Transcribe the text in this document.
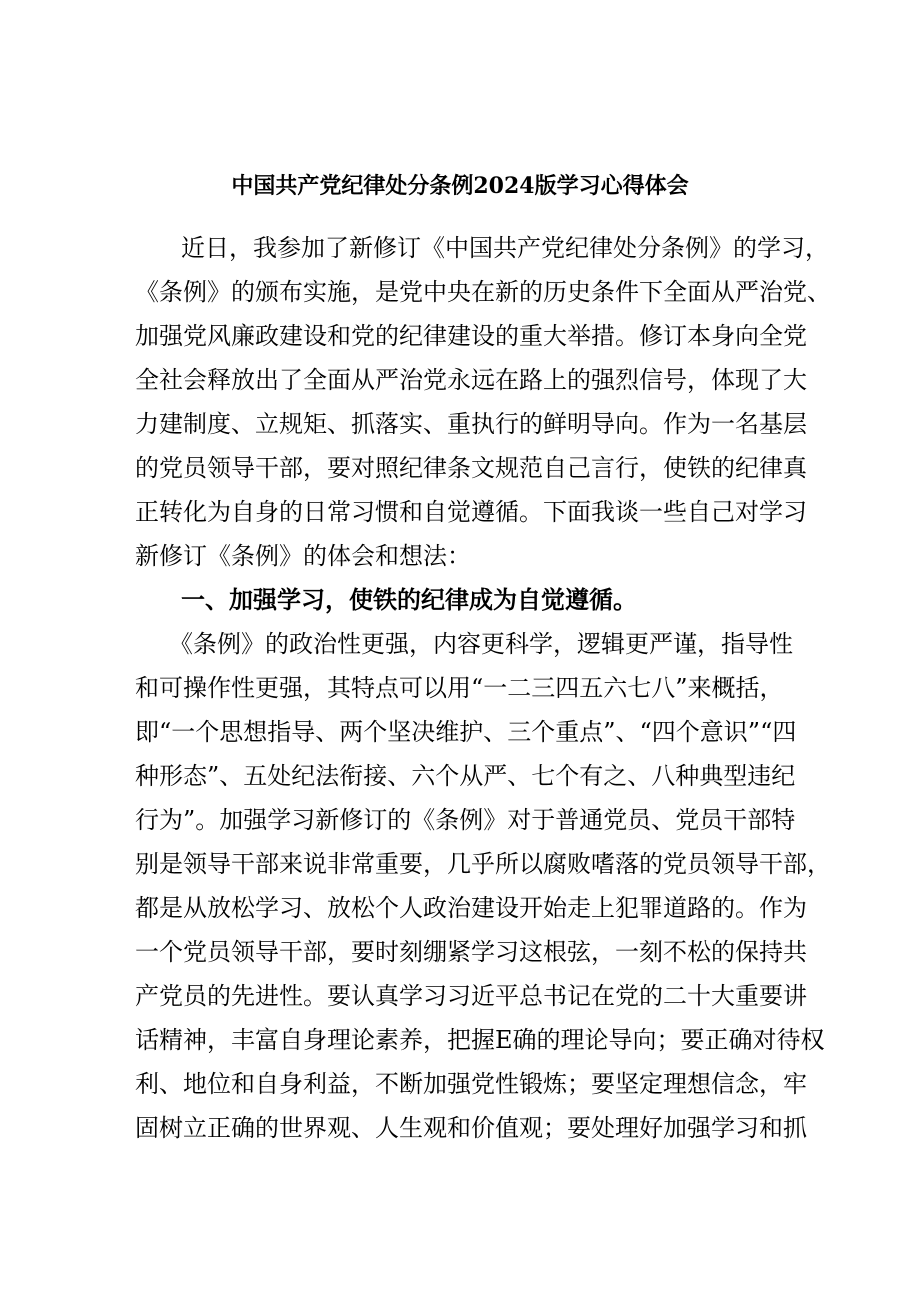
中国共产党纪律处分条例2024版学习心得体会
近日，我参加了新修订《中国共产党纪律处分条例》的学习，
《条例》的颁布实施，是党中央在新的历史条件下全面从严治党、
加强党风廉政建设和党的纪律建设的重大举措。修订本身向全党
全社会释放出了全面从严治党永远在路上的强烈信号，体现了大
力建制度、立规矩、抓落实、重执行的鲜明导向。作为一名基层
的党员领导干部，要对照纪律条文规范自己言行，使铁的纪律真
正转化为自身的日常习惯和自觉遵循。下面我谈一些自己对学习
新修订《条例》的体会和想法：
一、加强学习，使铁的纪律成为自觉遵循。
《条例》的政治性更强，内容更科学，逻辑更严谨，指导性
和可操作性更强，其特点可以用“一二三四五六七八”来概括，
即“一个思想指导、两个坚决维护、三个重点”、“四个意识”“四
种形态”、五处纪法衔接、六个从严、七个有之、八种典型违纪
行为”。加强学习新修订的《条例》对于普通党员、党员干部特
别是领导干部来说非常重要，几乎所以腐败嗜落的党员领导干部，
都是从放松学习、放松个人政治建设开始走上犯罪道路的。作为
一个党员领导干部，要时刻绷紧学习这根弦，一刻不松的保持共
产党员的先进性。要认真学习习近平总书记在党的二十大重要讲
话精神，丰富自身理论素养，把握E确的理论导向；要正确对待权
利、地位和自身利益，不断加强党性锻炼；要坚定理想信念，牢
固树立正确的世界观、人生观和价值观；要处理好加强学习和抓
